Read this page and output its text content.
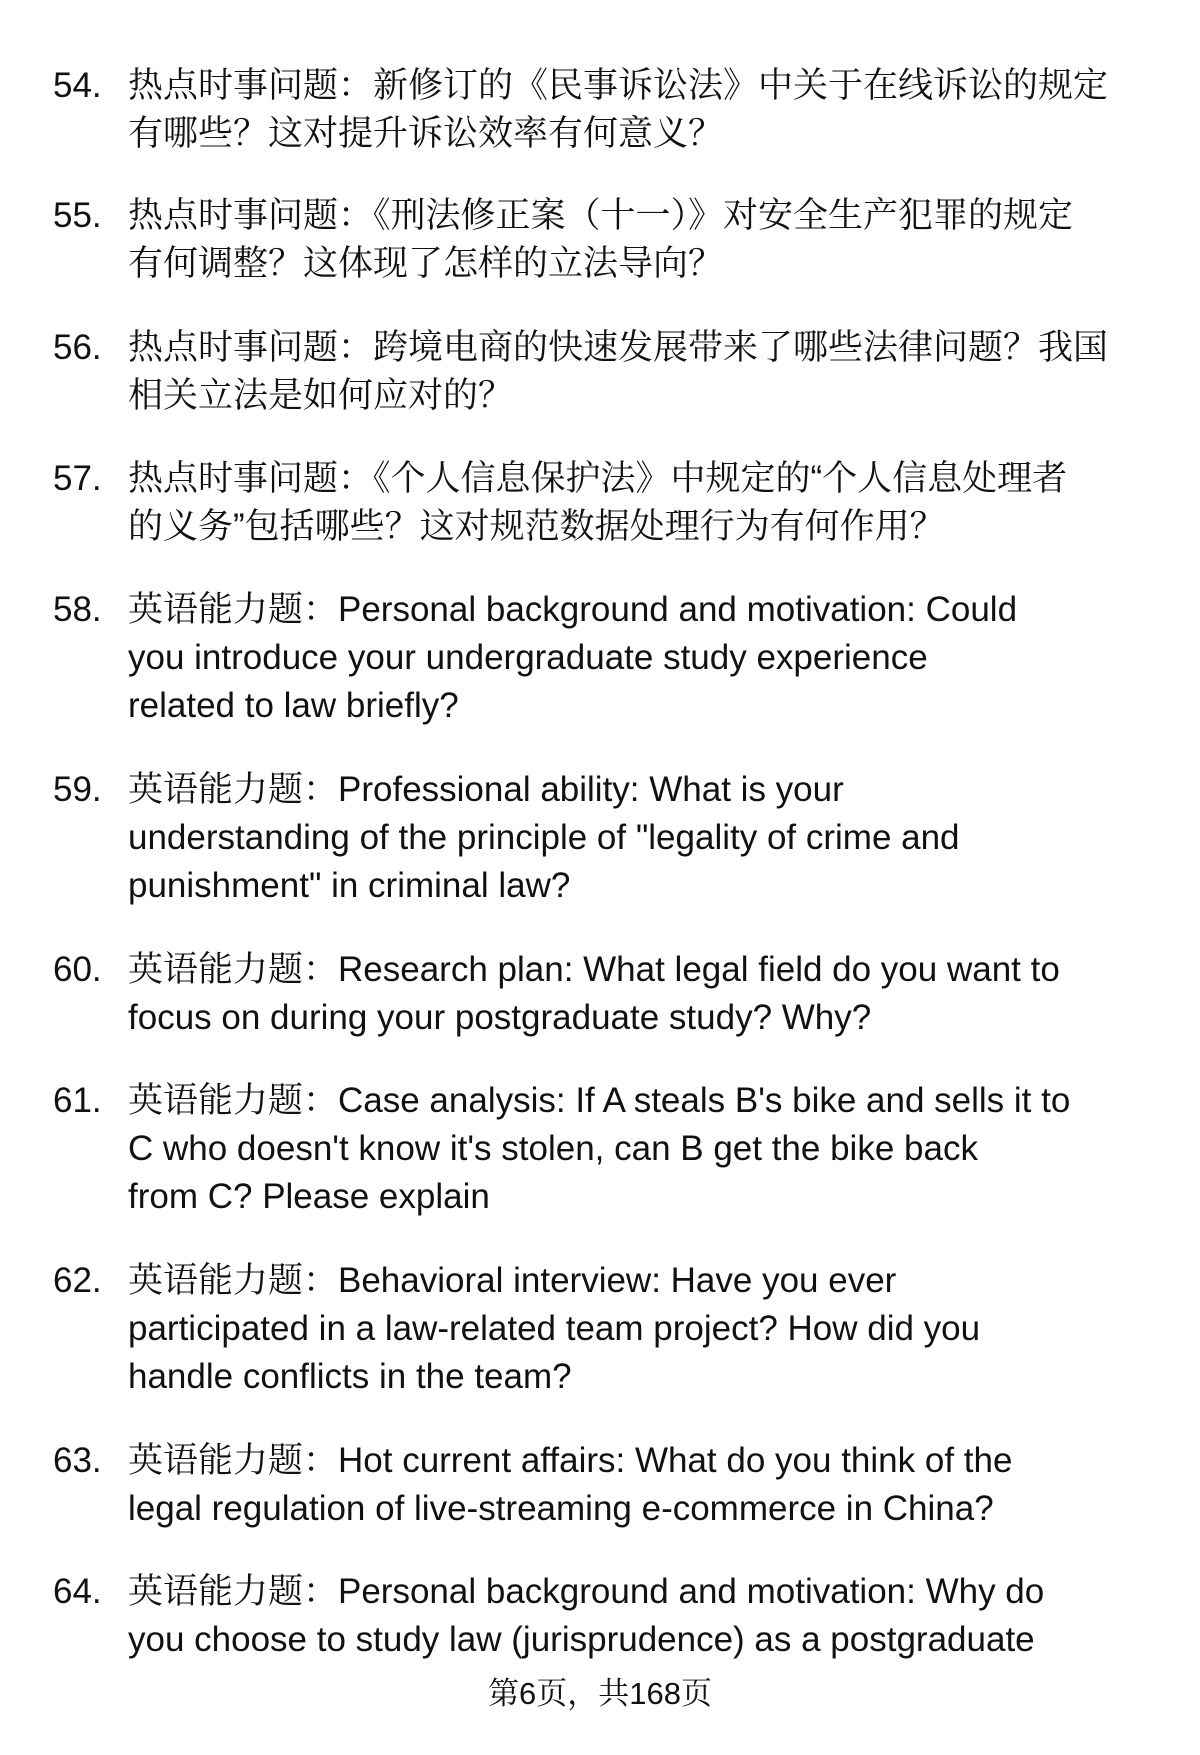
54. 热点时事问题：新修订的《民事诉讼法》中关于在线诉讼的规定
有哪些？这对提升诉讼效率有何意义？
55. 热点时事问题：《刑法修正案（十一）》对安全生产犯罪的规定
有何调整？这体现了怎样的立法导向？
56. 热点时事问题：跨境电商的快速发展带来了哪些法律问题？我国
相关立法是如何应对的？
57. 热点时事问题：《个人信息保护法》中规定的“个人信息处理者
的义务”包括哪些？这对规范数据处理行为有何作用？
58. 英语能力题：Personal background and motivation: Could
you introduce your undergraduate study experience
related to law briefly?
59. 英语能力题：Professional ability: What is your
understanding of the principle of "legality of crime and
punishment" in criminal law?
60. 英语能力题：Research plan: What legal field do you want to
focus on during your postgraduate study? Why?
61. 英语能力题：Case analysis: If A steals B's bike and sells it to
C who doesn't know it's stolen, can B get the bike back
from C? Please explain
62. 英语能力题：Behavioral interview: Have you ever
participated in a law-related team project? How did you
handle conflicts in the team?
63. 英语能力题：Hot current affairs: What do you think of the
legal regulation of live-streaming e-commerce in China?
64. 英语能力题：Personal background and motivation: Why do
you choose to study law (jurisprudence) as a postgraduate
第6页，共168页
